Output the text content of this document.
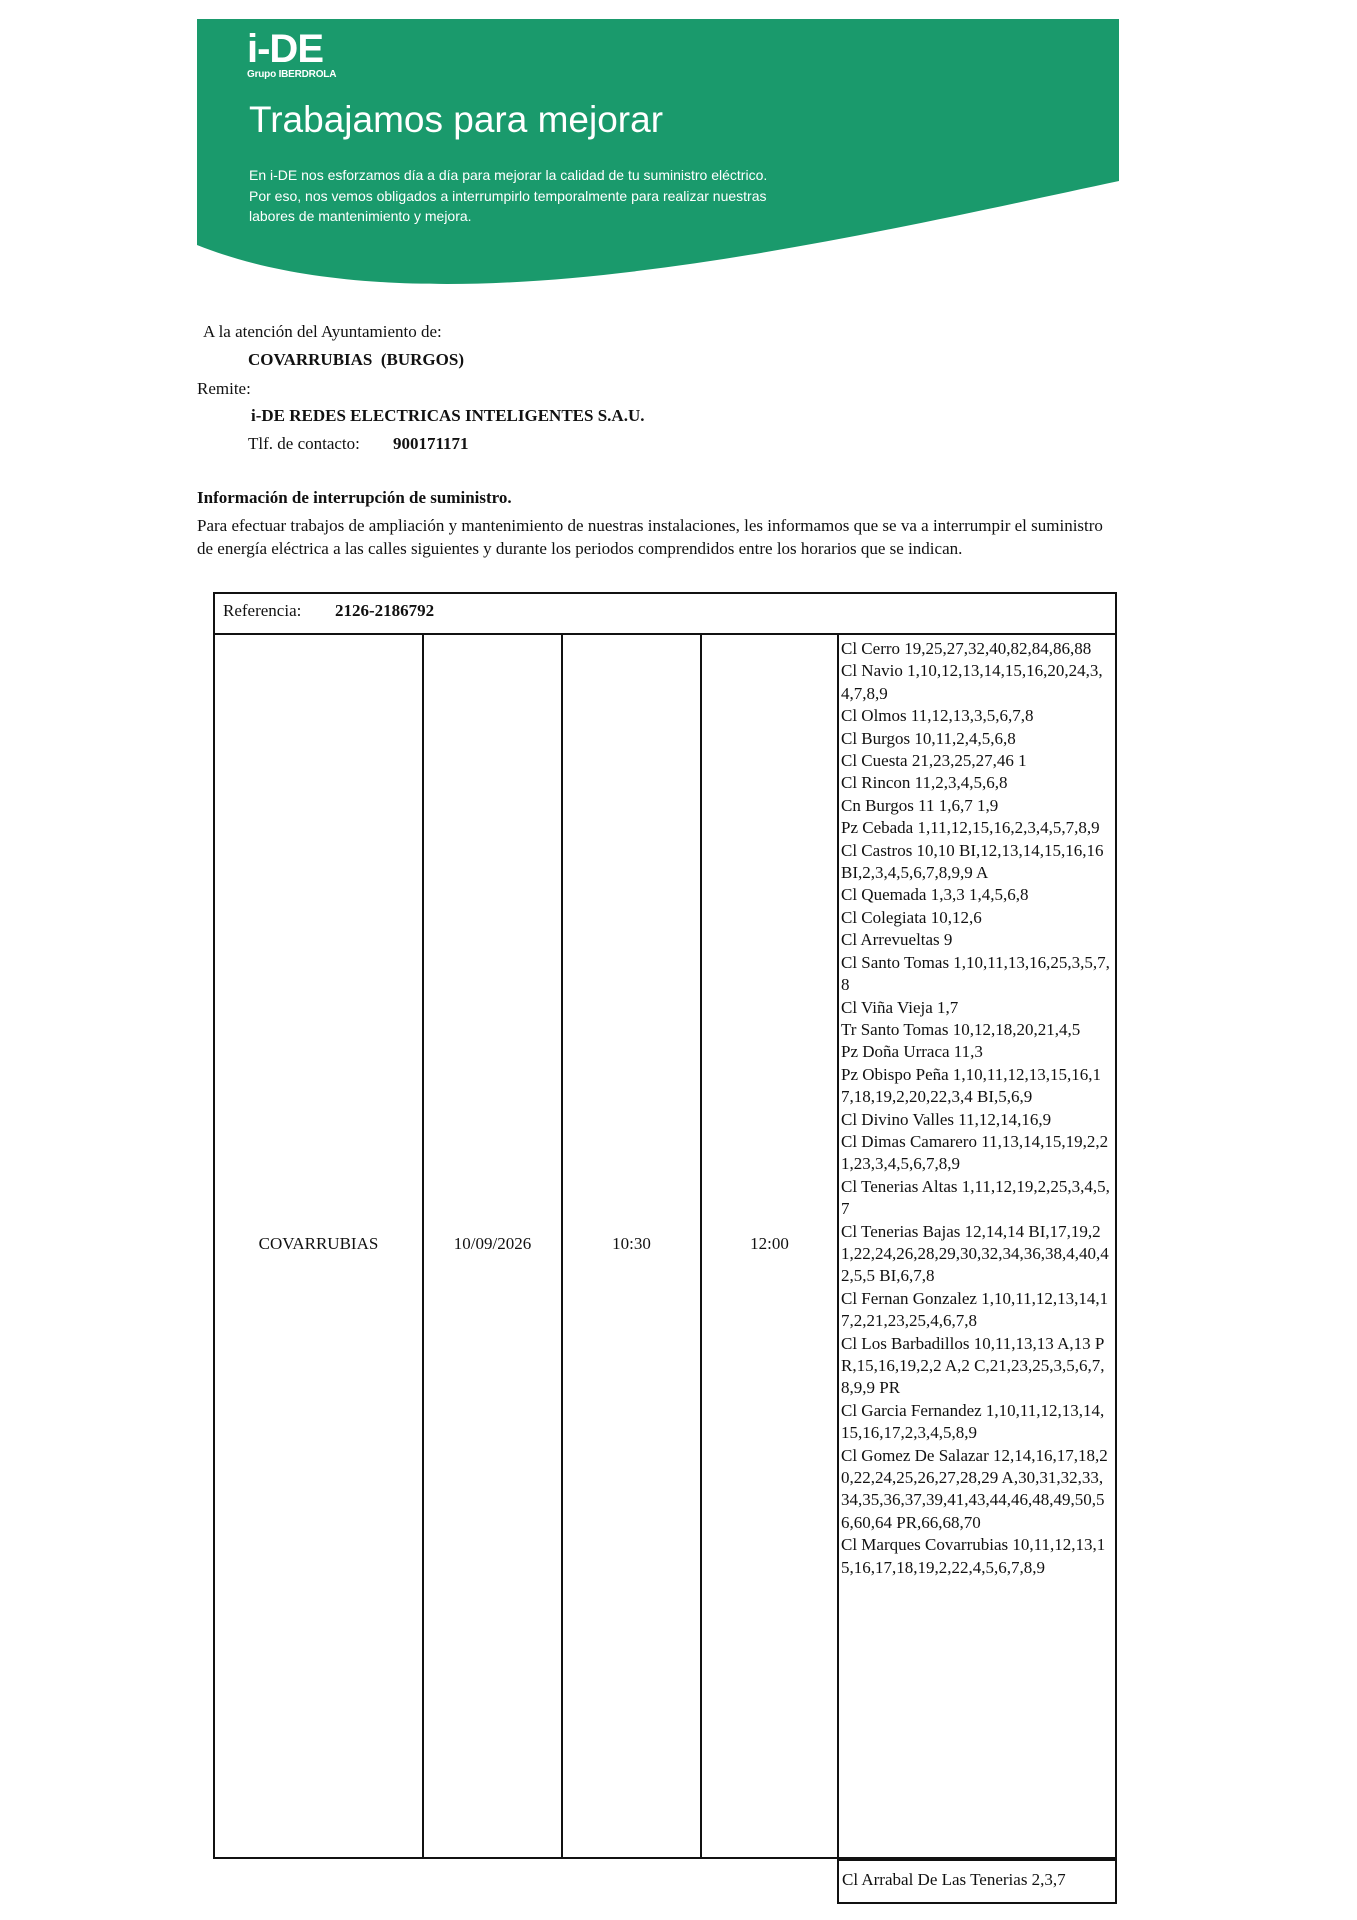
i-DE
Grupo IBERDROLA
Trabajamos para mejorar
En i-DE nos esforzamos día a día para mejorar la calidad de tu suministro eléctrico. Por eso, nos vemos obligados a interrumpirlo temporalmente para realizar nuestras labores de mantenimiento y mejora.
A la atención del Ayuntamiento de:
COVARRUBIAS  (BURGOS)
Remite:
i-DE REDES ELECTRICAS INTELIGENTES S.A.U.
Tlf. de contacto: 900171171
Información de interrupción de suministro.
Para efectuar trabajos de ampliación y mantenimiento de nuestras instalaciones, les informamos que se va a interrumpir el suministro de energía eléctrica a las calles siguientes y durante los periodos comprendidos entre los horarios que se indican.
Referencia: 2126-2186792
COVARRUBIAS	10/09/2026	10:30	12:00
Cl Cerro 19,25,27,32,40,82,84,86,88
Cl Navio 1,10,12,13,14,15,16,20,24,3,4,7,8,9
Cl Olmos 11,12,13,3,5,6,7,8
Cl Burgos 10,11,2,4,5,6,8
Cl Cuesta 21,23,25,27,46 1
Cl Rincon 11,2,3,4,5,6,8
Cn Burgos 11 1,6,7 1,9
Pz Cebada 1,11,12,15,16,2,3,4,5,7,8,9
Cl Castros 10,10 BI,12,13,14,15,16,16 BI,2,3,4,5,6,7,8,9,9 A
Cl Quemada 1,3,3 1,4,5,6,8
Cl Colegiata 10,12,6
Cl Arrevueltas 9
Cl Santo Tomas 1,10,11,13,16,25,3,5,7,8
Cl Viña Vieja 1,7
Tr Santo Tomas 10,12,18,20,21,4,5
Pz Doña Urraca 11,3
Pz Obispo Peña 1,10,11,12,13,15,16,17,18,19,2,20,22,3,4 BI,5,6,9
Cl Divino Valles 11,12,14,16,9
Cl Dimas Camarero 11,13,14,15,19,2,21,23,3,4,5,6,7,8,9
Cl Tenerias Altas 1,11,12,19,2,25,3,4,5,7
Cl Tenerias Bajas 12,14,14 BI,17,19,21,22,24,26,28,29,30,32,34,36,38,4,40,42,5,5 BI,6,7,8
Cl Fernan Gonzalez 1,10,11,12,13,14,17,2,21,23,25,4,6,7,8
Cl Los Barbadillos 10,11,13,13 A,13 PR,15,16,19,2,2 A,2 C,21,23,25,3,5,6,7,8,9,9 PR
Cl Garcia Fernandez 1,10,11,12,13,14,15,16,17,2,3,4,5,8,9
Cl Gomez De Salazar 12,14,16,17,18,20,22,24,25,26,27,28,29 A,30,31,32,33,34,35,36,37,39,41,43,44,46,48,49,50,56,60,64 PR,66,68,70
Cl Marques Covarrubias 10,11,12,13,15,16,17,18,19,2,22,4,5,6,7,8,9
Cl Arrabal De Las Tenerias 2,3,7
